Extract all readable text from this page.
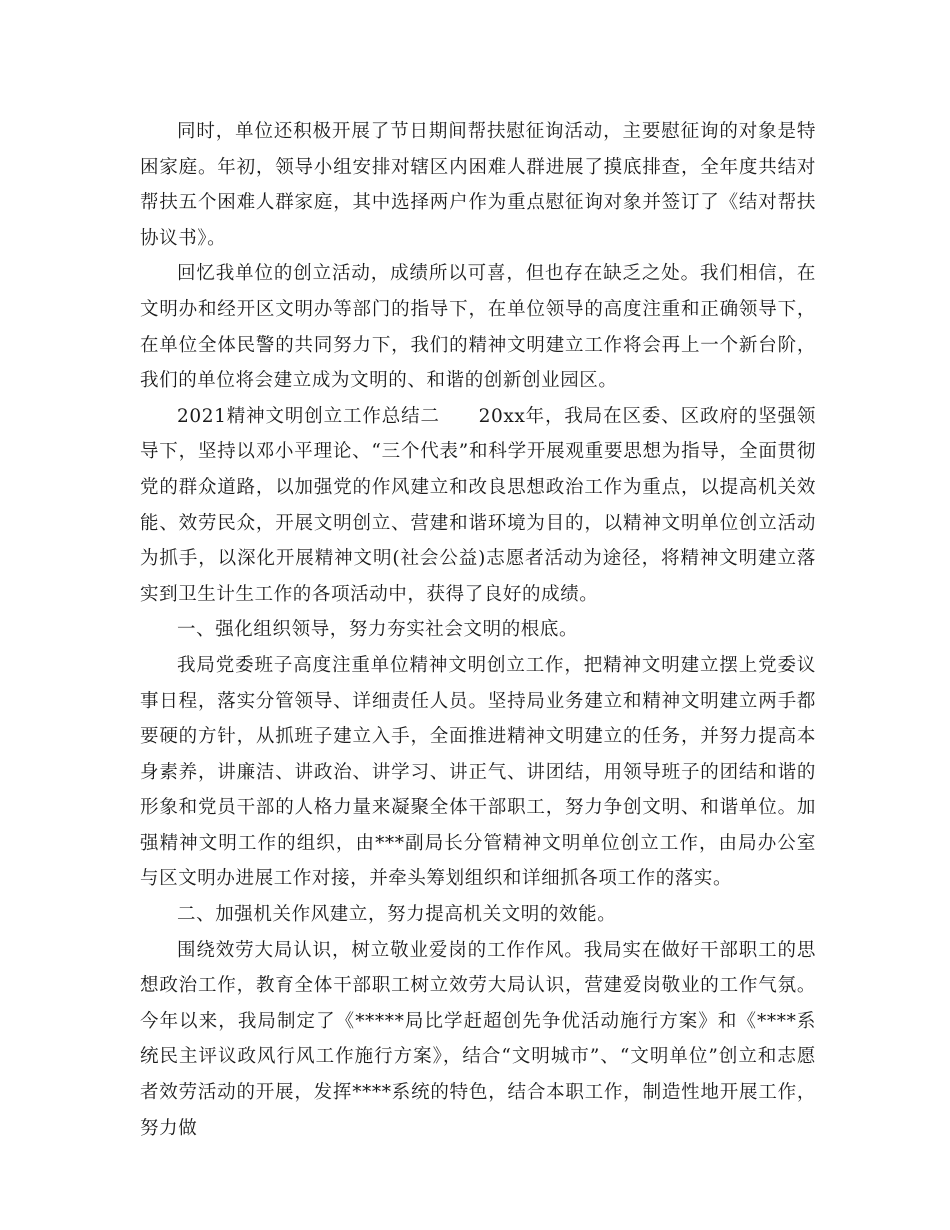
同时，单位还积极开展了节日期间帮扶慰征询活动，主要慰征询的对象是特困家庭。年初，领导小组安排对辖区内困难人群进展了摸底排查，全年度共结对帮扶五个困难人群家庭，其中选择两户作为重点慰征询对象并签订了《结对帮扶协议书》。

回忆我单位的创立活动，成绩所以可喜，但也存在缺乏之处。我们相信，在文明办和经开区文明办等部门的指导下，在单位领导的高度注重和正确领导下，在单位全体民警的共同努力下，我们的精神文明建立工作将会再上一个新台阶，我们的单位将会建立成为文明的、和谐的创新创业园区。

2021精神文明创立工作总结二　　20xx年，我局在区委、区政府的坚强领导下，坚持以邓小平理论、“三个代表”和科学开展观重要思想为指导，全面贯彻党的群众道路，以加强党的作风建立和改良思想政治工作为重点，以提高机关效能、效劳民众，开展文明创立、营建和谐环境为目的，以精神文明单位创立活动为抓手，以深化开展精神文明(社会公益)志愿者活动为途径，将精神文明建立落实到卫生计生工作的各项活动中，获得了良好的成绩。

一、强化组织领导，努力夯实社会文明的根底。

我局党委班子高度注重单位精神文明创立工作，把精神文明建立摆上党委议事日程，落实分管领导、详细责任人员。坚持局业务建立和精神文明建立两手都要硬的方针，从抓班子建立入手，全面推进精神文明建立的任务，并努力提高本身素养，讲廉洁、讲政治、讲学习、讲正气、讲团结，用领导班子的团结和谐的形象和党员干部的人格力量来凝聚全体干部职工，努力争创文明、和谐单位。加强精神文明工作的组织，由***副局长分管精神文明单位创立工作，由局办公室与区文明办进展工作对接，并牵头筹划组织和详细抓各项工作的落实。

二、加强机关作风建立，努力提高机关文明的效能。

围绕效劳大局认识，树立敬业爱岗的工作作风。我局实在做好干部职工的思想政治工作，教育全体干部职工树立效劳大局认识，营建爱岗敬业的工作气氛。今年以来，我局制定了《*****局比学赶超创先争优活动施行方案》和《****系统民主评议政风行风工作施行方案》，结合“文明城市”、“文明单位”创立和志愿者效劳活动的开展，发挥****系统的特色，结合本职工作，制造性地开展工作，努力做
